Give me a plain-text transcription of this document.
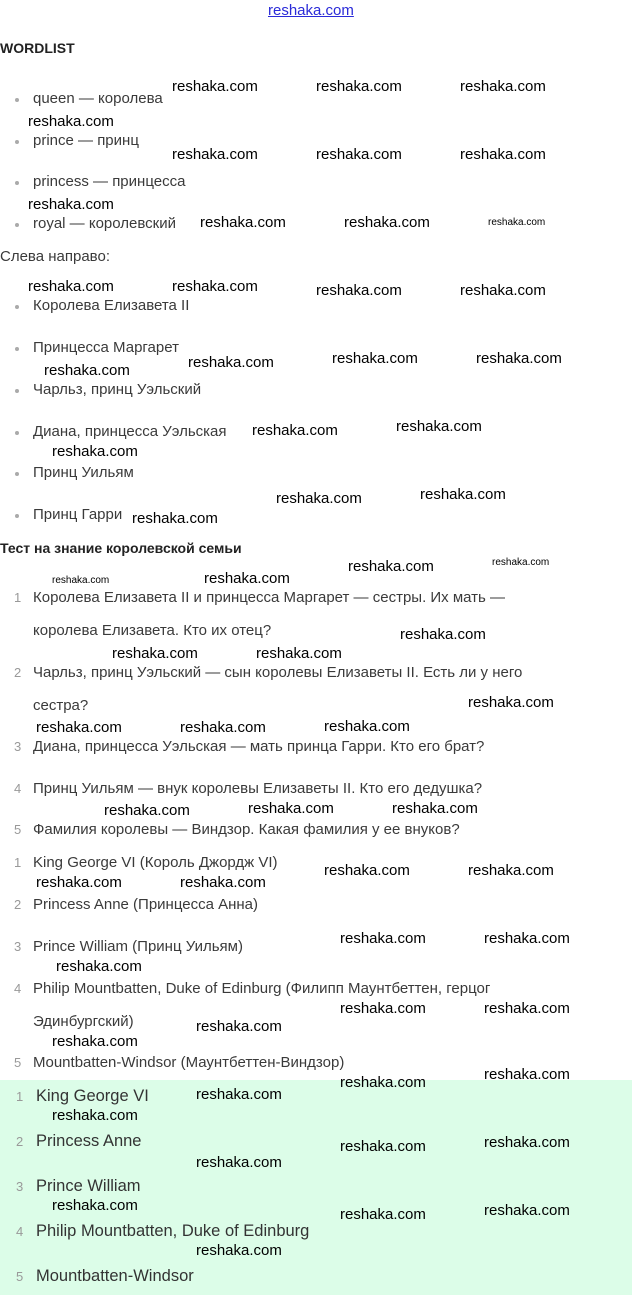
reshaka.com
WORDLIST
queen — королева
prince — принц
princess — принцесса
royal — королевский
Слева направо:
Королева Елизавета II
Принцесса Маргарет
Чарльз, принц Уэльский
Диана, принцесса Уэльская
Принц Уильям
Принц Гарри
Тест на знание королевской семьи
1 Королева Елизавета II и принцесса Маргарет — сестры. Их мать —
королева Елизавета. Кто их отец?
2 Чарльз, принц Уэльский — сын королевы Елизаветы II. Есть ли у него
сестра?
3 Диана, принцесса Уэльская — мать принца Гарри. Кто его брат?
4 Принц Уильям — внук королевы Елизаветы II. Кто его дедушка?
5 Фамилия королевы — Виндзор. Какая фамилия у ее внуков?
1 King George VI (Король Джордж VI)
2 Princess Anne (Принцесса Анна)
3 Prince William (Принц Уильям)
4 Philip Mountbatten, Duke of Edinburg (Филипп Маунтбеттен, герцог
Эдинбургский)
5 Mountbatten-Windsor (Маунтбеттен-Виндзор)
1 King George VI
2 Princess Anne
3 Prince William
4 Philip Mountbatten, Duke of Edinburg
5 Mountbatten-Windsor
reshaka.com	reshaka.com	reshaka.com
reshaka.com
reshaka.com	reshaka.com	reshaka.com
reshaka.com
reshaka.com	reshaka.com	reshaka.com
reshaka.com	reshaka.com	reshaka.com	reshaka.com
reshaka.com	reshaka.com	reshaka.com
reshaka.com
reshaka.com	reshaka.com
reshaka.com
reshaka.com	reshaka.com
reshaka.com
reshaka.com	reshaka.com
reshaka.com	reshaka.com
reshaka.com
reshaka.com	reshaka.com
reshaka.com
reshaka.com	reshaka.com	reshaka.com
reshaka.com	reshaka.com	reshaka.com
reshaka.com	reshaka.com
reshaka.com	reshaka.com
reshaka.com	reshaka.com
reshaka.com
reshaka.com	reshaka.com
reshaka.com
reshaka.com
reshaka.com	reshaka.com
reshaka.com
reshaka.com
reshaka.com	reshaka.com
reshaka.com
reshaka.com
reshaka.com	reshaka.com
reshaka.com
